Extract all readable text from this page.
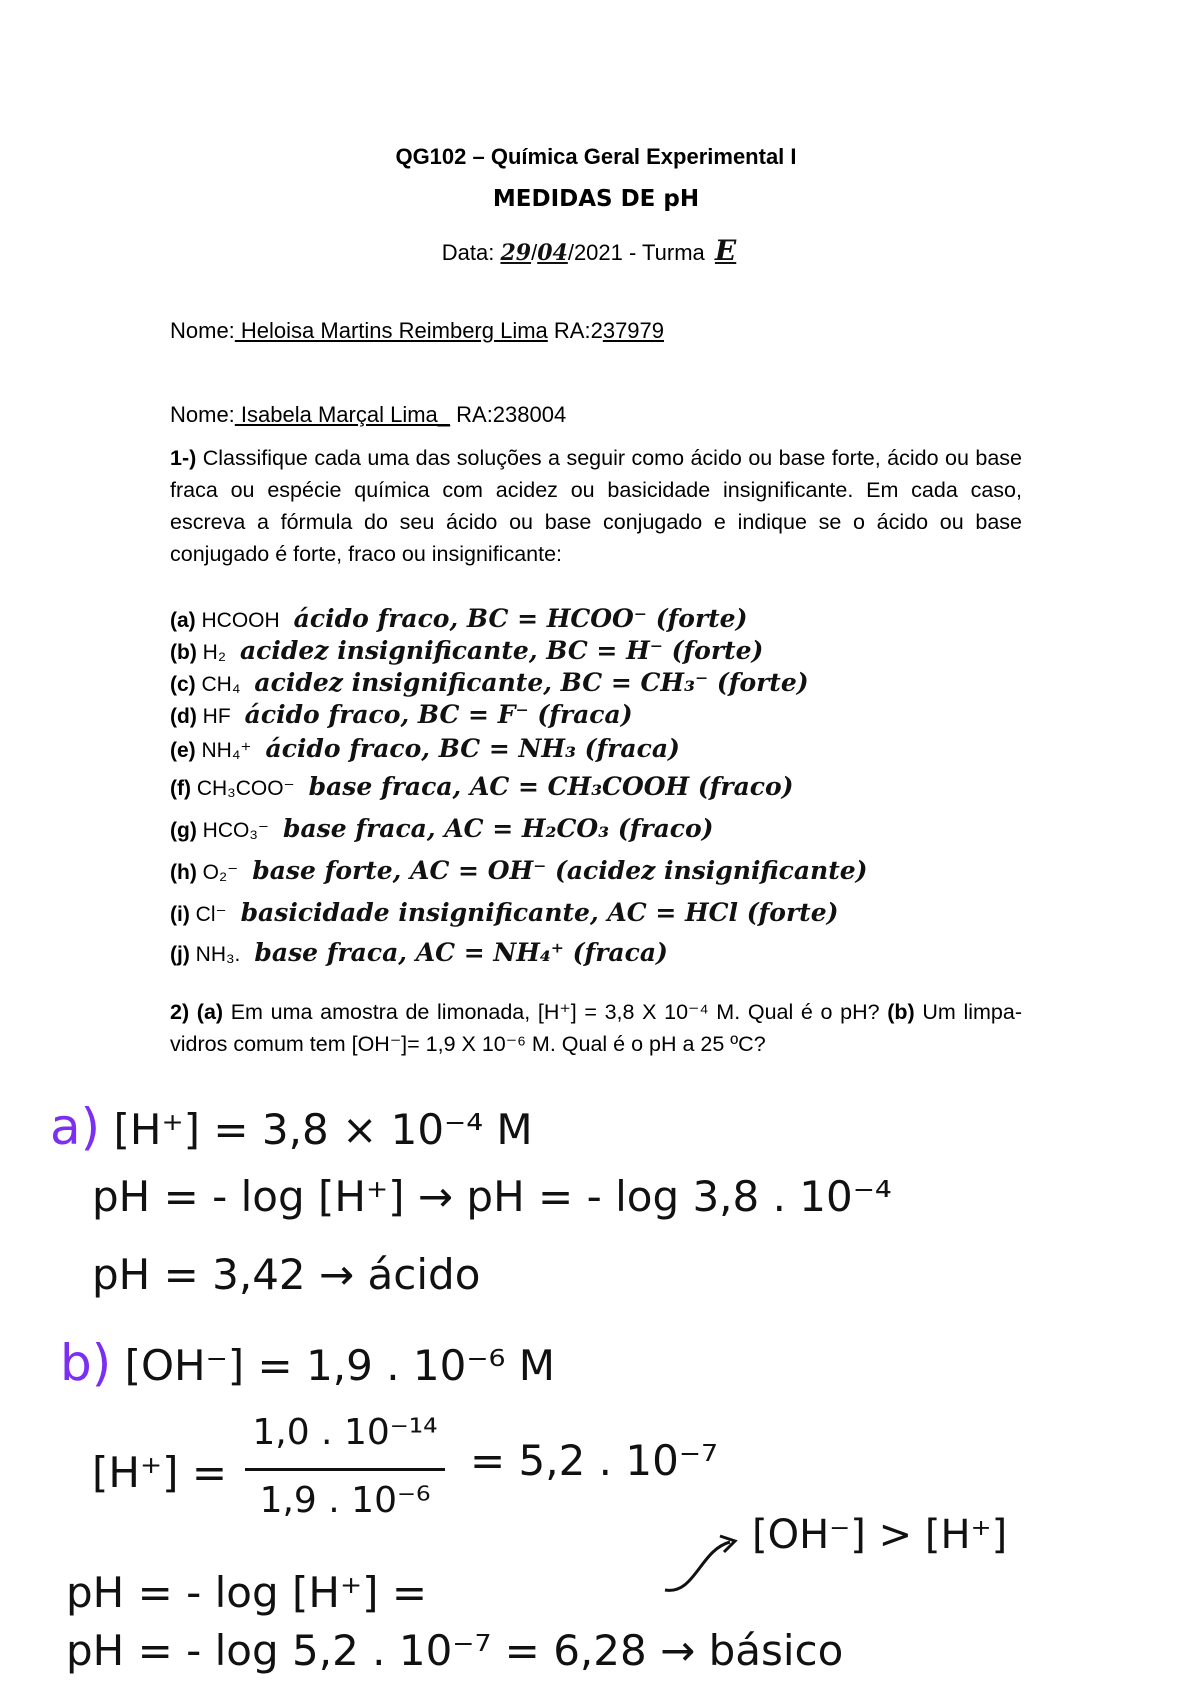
QG102 – Química Geral Experimental I
MEDIDAS DE pH
Data: 29/04/2021 - Turma E
Nome: Heloisa Martins Reimberg Lima RA:237979
Nome: Isabela Marçal Lima_ RA:238004
1-) Classifique cada uma das soluções a seguir como ácido ou base forte, ácido ou base fraca ou espécie química com acidez ou basicidade insignificante. Em cada caso, escreva a fórmula do seu ácido ou base conjugado e indique se o ácido ou base conjugado é forte, fraco ou insignificante:
(a) HCOOH ácido fraco, BC = HCOO⁻ (forte)
(b) H₂ acidez insignificante, BC = H⁻ (forte)
(c) CH₄ acidez insignificante, BC = CH₃⁻ (forte)
(d) HF ácido fraco, BC = F⁻ (fraca)
(e) NH₄⁺ ácido fraco, BC = NH₃ (fraca)
(f) CH₃COO⁻ base fraca, AC = CH₃COOH (fraco)
(g) HCO₃⁻ base fraca, AC = H₂CO₃ (fraco)
(h) O₂⁻ base forte, AC = OH⁻ (acidez insignificante)
(i) Cl⁻ basicidade insignificante, AC = HCl (forte)
(j) NH₃. base fraca, AC = NH₄⁺ (fraca)
2) (a) Em uma amostra de limonada, [H⁺] = 3,8 X 10⁻⁴ M. Qual é o pH? (b) Um limpa-vidros comum tem [OH⁻]= 1,9 X 10⁻⁶ M. Qual é o pH a 25 ºC?
a) [H⁺] = 3,8 × 10⁻⁴ M
pH = - log [H⁺] → pH = - log 3,8 . 10⁻⁴
pH = 3,42 → ácido
b) [OH⁻] = 1,9 . 10⁻⁶ M
[H⁺] =
1,0 . 10⁻¹⁴
1,9 . 10⁻⁶
= 5,2 . 10⁻⁷
[OH⁻] > [H⁺]
pH = - log [H⁺] =
pH = - log 5,2 . 10⁻⁷ = 6,28 → básico
